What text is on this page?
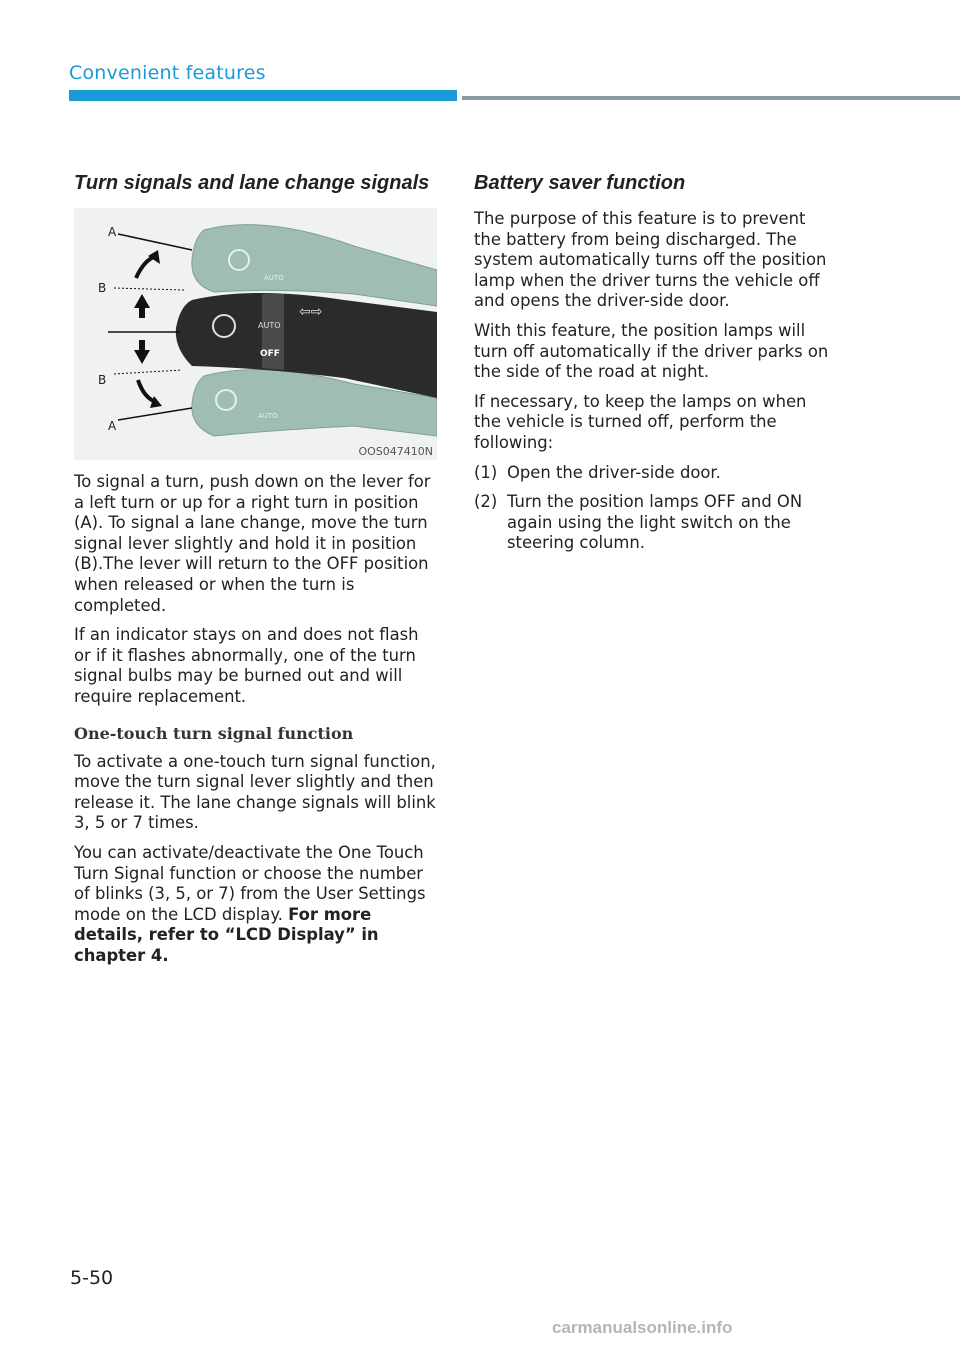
Convenient features
Turn signals and lane change signals
AUTO
AUTO
AUTO
OFF
⇦⇨
A
B
B
A
OOS047410N

To signal a turn, push down on the lever for a left turn or up for a right turn in position (A). To signal a lane change, move the turn signal lever slightly and hold it in position (B).The lever will return to the OFF position when released or when the turn is completed.

If an indicator stays on and does not flash or if it flashes abnormally, one of the turn signal bulbs may be burned out and will require replacement.

One-touch turn signal function

To activate a one-touch turn signal function, move the turn signal lever slightly and then release it. The lane change signals will blink 3, 5 or 7 times.

You can activate/deactivate the One Touch Turn Signal function or choose the number of blinks (3, 5, or 7) from the User Settings mode on the LCD display. For more details, refer to “LCD Display” in chapter 4.

Battery saver function

The purpose of this feature is to prevent the battery from being discharged. The system automatically turns off the position lamp when the driver turns the vehicle off and opens the driver-side door.

With this feature, the position lamps will turn off automatically if the driver parks on the side of the road at night.

If necessary, to keep the lamps on when the vehicle is turned off, perform the following:

(1) Open the driver-side door.
(2) Turn the position lamps OFF and ON again using the light switch on the steering column.
5-50
carmanualsonline.info
